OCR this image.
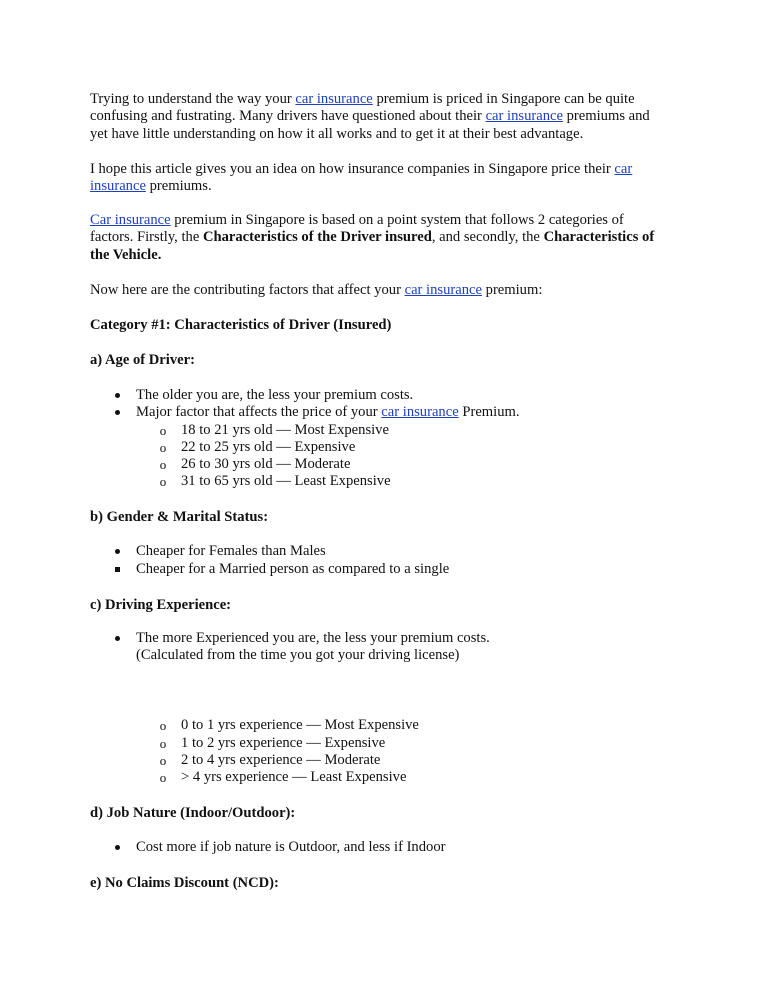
Trying to understand the way your car insurance premium is priced in Singapore can be quite
confusing and fustrating. Many drivers have questioned about their car insurance premiums and
yet have little understanding on how it all works and to get it at their best advantage.

I hope this article gives you an idea on how insurance companies in Singapore price their car
insurance premiums.

Car insurance premium in Singapore is based on a point system that follows 2 categories of
factors. Firstly, the Characteristics of the Driver insured, and secondly, the Characteristics of
the Vehicle.

Now here are the contributing factors that affect your car insurance premium:

Category #1: Characteristics of Driver (Insured)

a) Age of Driver:

The older you are, the less your premium costs.

Major factor that affects the price of your car insurance Premium.

o 18 to 21 yrs old — Most Expensive

o 22 to 25 yrs old — Expensive

o 26 to 30 yrs old — Moderate

o 31 to 65 yrs old — Least Expensive

b) Gender & Marital Status:

Cheaper for Females than Males

Cheaper for a Married person as compared to a single

c) Driving Experience:

The more Experienced you are, the less your premium costs.
(Calculated from the time you got your driving license)

o 0 to 1 yrs experience — Most Expensive

o 1 to 2 yrs experience — Expensive

o 2 to 4 yrs experience — Moderate

o > 4 yrs experience — Least Expensive

d) Job Nature (Indoor/Outdoor):

Cost more if job nature is Outdoor, and less if Indoor

e) No Claims Discount (NCD):
